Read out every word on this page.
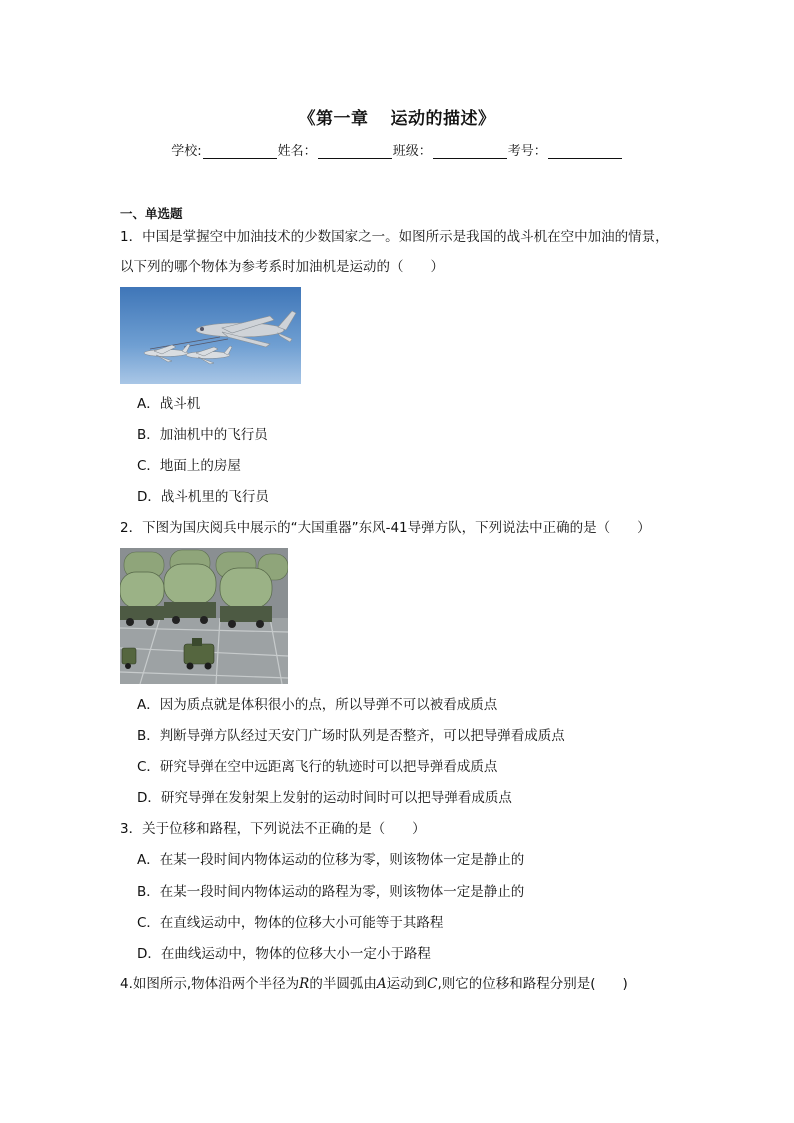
《第一章 运动的描述》
学校:	姓名：	班级：	考号：
一、单选题
1．中国是掌握空中加油技术的少数国家之一。如图所示是我国的战斗机在空中加油的情景，以下列的哪个物体为参考系时加油机是运动的（　　）
A．战斗机
B．加油机中的飞行员
C．地面上的房屋
D．战斗机里的飞行员
2．下图为国庆阅兵中展示的“大国重器”东风-41导弹方队，下列说法中正确的是（　　）
A．因为质点就是体积很小的点，所以导弹不可以被看成质点
B．判断导弹方队经过天安门广场时队列是否整齐，可以把导弹看成质点
C．研究导弹在空中远距离飞行的轨迹时可以把导弹看成质点
D．研究导弹在发射架上发射的运动时间时可以把导弹看成质点
3．关于位移和路程，下列说法不正确的是（　　）
A．在某一段时间内物体运动的位移为零，则该物体一定是静止的
B．在某一段时间内物体运动的路程为零，则该物体一定是静止的
C．在直线运动中，物体的位移大小可能等于其路程
D．在曲线运动中，物体的位移大小一定小于路程
4.如图所示,物体沿两个半径为R的半圆弧由A运动到C,则它的位移和路程分别是(　　)
